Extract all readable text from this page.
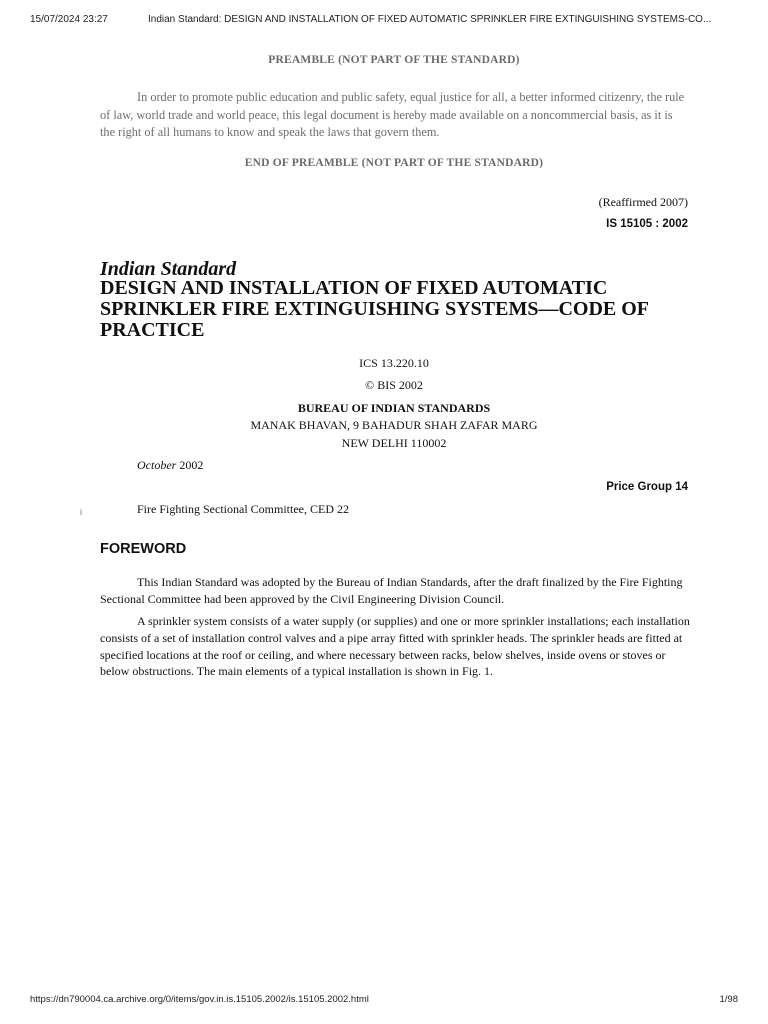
15/07/2024 23:27	Indian Standard: DESIGN AND INSTALLATION OF FIXED AUTOMATIC SPRINKLER FIRE EXTINGUISHING SYSTEMS-CO...
PREAMBLE (NOT PART OF THE STANDARD)

In order to promote public education and public safety, equal justice for all, a better informed citizenry, the rule of law, world trade and world peace, this legal document is hereby made available on a noncommercial basis, as it is the right of all humans to know and speak the laws that govern them.

END OF PREAMBLE (NOT PART OF THE STANDARD)
(Reaffirmed 2007)
IS 15105 : 2002
Indian Standard
DESIGN AND INSTALLATION OF FIXED AUTOMATIC SPRINKLER FIRE EXTINGUISHING SYSTEMS—CODE OF PRACTICE
ICS 13.220.10
© BIS 2002
BUREAU OF INDIAN STANDARDS
MANAK BHAVAN, 9 BAHADUR SHAH ZAFAR MARG
NEW DELHI 110002
October 2002
Price Group 14
i	Fire Fighting Sectional Committee, CED 22
FOREWORD

This Indian Standard was adopted by the Bureau of Indian Standards, after the draft finalized by the Fire Fighting Sectional Committee had been approved by the Civil Engineering Division Council.

A sprinkler system consists of a water supply (or supplies) and one or more sprinkler installations; each installation consists of a set of installation control valves and a pipe array fitted with sprinkler heads. The sprinkler heads are fitted at specified locations at the roof or ceiling, and where necessary between racks, below shelves, inside ovens or stoves or below obstructions. The main elements of a typical installation is shown in Fig. 1.

https://dn790004.ca.archive.org/0/items/gov.in.is.15105.2002/is.15105.2002.html	1/98
